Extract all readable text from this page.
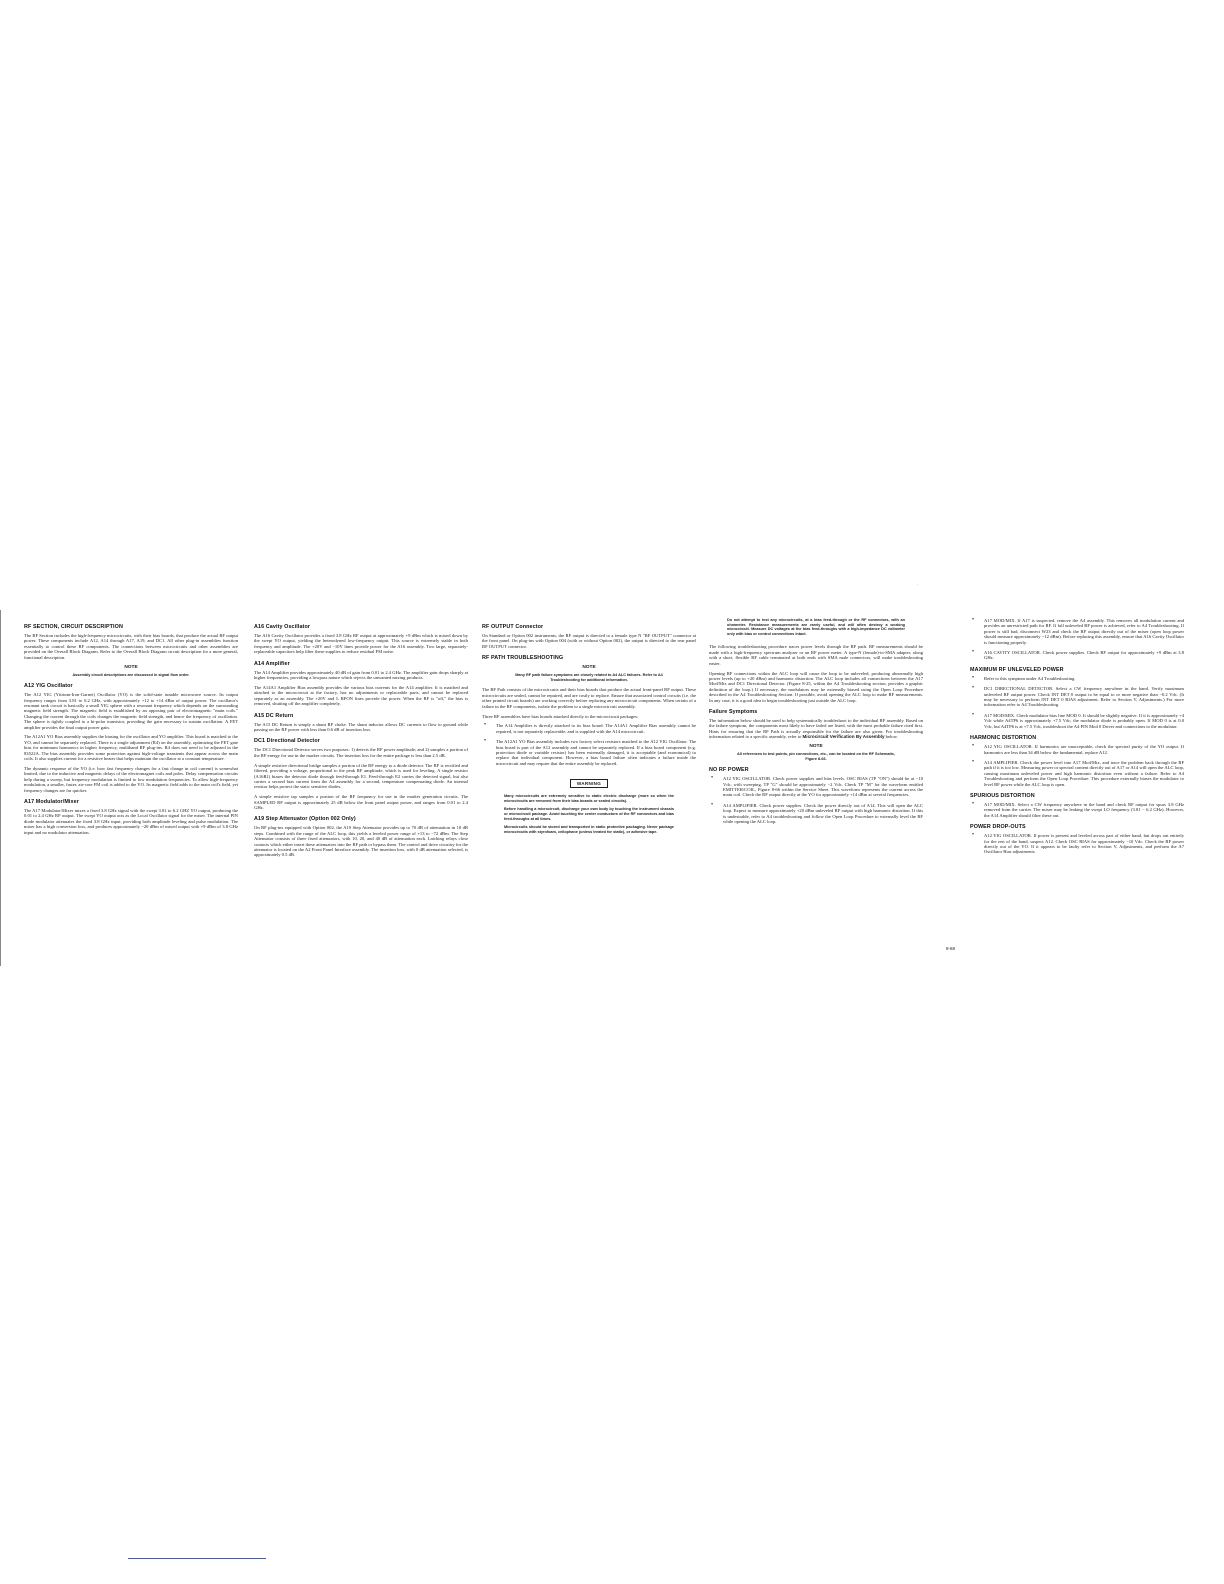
·
RF SECTION, CIRCUIT DESCRIPTION

The RF Section includes the high-frequency microcircuits, with their bias boards, that produce the actual RF output power. These components include A12, A14 through A17, A19, and DC1. All other plug-in assemblies function essentially to control these RF components. The connections between microcircuits and other assemblies are provided on the Overall Block Diagram. Refer to the Overall Block Diagram circuit description for a more general, functional description.

NOTE
Assembly circuit descriptions are discussed in signal flow order.
A12 YIG Oscillator

The A12 YIG (Yttrium-Iron-Garnet) Oscillator (YO) is the solid-state tunable microwave source. Its output frequency ranges from 3.81 to 6.2 GHz, with approximately +12 to +14 dBm of output power. The oscillator's resonant tank circuit is basically a small YIG sphere with a resonant frequency which depends on the surrounding magnetic field strength. The magnetic field is established by an opposing pair of electromagnetic "main coils." Changing the current through the coils changes the magnetic field strength, and hence the frequency of oscillation. The sphere is tightly coupled to a bi-polar transistor, providing the gain necessary to sustain oscillation. A FET amplifier provides the final output power gain.

The A12A1 YO Bias assembly supplies the biasing for the oscillator and YO amplifier. This board is matched to the YO, and cannot be separately replaced. There is a single adjustment (R4) on the assembly, optimizing the FET gate bias for minimum harmonics in higher frequency, multiband RF plug-ins. R4 does not need to be adjusted in the 83522A. The bias assembly provides some protection against high-voltage transients that appear across the main coils. It also supplies current for a resistive heater that helps maintain the oscillator at a constant temperature.

The dynamic response of the YO (i.e. how fast frequency changes for a fast change in coil current) is somewhat limited, due to the inductive and magnetic delays of the electromagnet coils and poles. Delay compensation circuits help during a sweep, but frequency modulation is limited to low modulation frequencies. To allow high-frequency modulation, a smaller, faster, air-core FM coil is added to the YO. Its magnetic field adds to the main coil's field, yet frequency changes are far quicker.

A17 Modulator/Mixer

The A17 Modulator/Mixer mixes a fixed 3.8 GHz signal with the swept 3.81 to 6.2 GHZ YO output, producing the 0.01 to 2.4 GHz RF output. The swept YO output acts as the Local Oscillator signal for the mixer. The internal PIN diode modulator attenuates the fixed 3.8 GHz input, providing both amplitude leveling and pulse modulation. The mixer has a high conversion loss, and produces approximately −20 dBm of mixed output with +9 dBm of 3.8 GHz input and no modulator attenuation.

A16 Cavity Oscillator

The A16 Cavity Oscillator provides a fixed 3.8 GHz RF output at approximately +9 dBm which is mixed down by the swept YO output, yielding the heterodyned low-frequency output. This source is extremely stable in both frequency and amplitude. The +20V and −10V lines provide power for the A16 assembly. Two large, separately-replaceable capacitors help filter these supplies to reduce residual FM noise.

A14 Amplifier

The A14 Amplifier provides approximately 40 dB of gain from 0.01 to 2.4 GHz. The amplifier gain drops sharply at higher frequencies, providing a lowpass nature which rejects the unwanted mixing products.

The A14A1 Amplifier Bias assembly provides the various bias currents for the A14 amplifier. It is matched and attached to the microcircuit at the factory, has no adjustments or replaceable parts, and cannot be replaced separately as an assembly. The +20V and L RFON lines provide the power. When the RF is "off," the bias is removed, shutting off the amplifier completely.

A15 DC Return

The A15 DC Return is simply a shunt RF choke. The shunt inductor allows DC currents to flow to ground while passing on the RF power with less than 0.6 dB of insertion loss.

DC1 Directional Detector

The DC1 Directional Detector serves two purposes: 1) detects the RF power amplitude; and 2) samples a portion of the RF energy for use in the marker circuits. The insertion loss for the entire package is less than 2.5 dB.

A simple resistive directional bridge samples a portion of the RF energy to a diode detector. The RF is rectified and filtered, providing a voltage, proportional to the peak RF amplitude, which is used for leveling. A single resistor (A16R1) biases the detector diode through feed-through E1. Feed-through E2 carries the detected signal, but also carries a second bias current from the A4 assembly for a second, temperature compensating diode. An internal resistor helps protect the static sensitive diodes.

A simple resistive tap samples a portion of the RF frequency for use in the marker generation circuits. The SAMPLED RF output is approximately 25 dB below the front panel output power, and ranges from 0.01 to 2.4 GHz.

A19 Step Attenuator (Option 002 Only)

On RF plug-ins equipped with Option 002, the A19 Step Attenuator provides up to 70 dB of attenuation in 10 dB steps. Combined with the range of the ALC loop, this yields a leveled power range of +13 to −72 dBm. The Step Attenuator consists of three fixed attenuators, with 10, 20, and 40 dB of attenuation each. Latching relays close contacts which either insert these attenuators into the RF path or bypass them. The control and drive circuitry for the attenuator is located on the A2 Front Panel Interface assembly. The insertion loss, with 0 dB attenuation selected, is approximately 0.5 dB.

RF OUTPUT Connector

On Standard or Option 002 instruments, the RF output is directed to a female type N "RF OUTPUT" connector at the front panel. On plug-ins with Option 004 (with or without Option 002), the output is directed to the rear panel RF OUTPUT connector.

RF PATH TROUBLESHOOTING
NOTE
Many RF path failure symptoms are closely related to A4 ALC failures. Refer to A4 Troubleshooting for additional information.

The RF Path consists of the microcircuits and their bias boards that produce the actual front-panel RF output. These microcircuits are sealed, cannot be repaired, and are costly to replace. Ensure that associated control circuits (i.e. the other printed circuit boards) are working correctly before replacing any microcircuit components. When certain of a failure in the RF components, isolate the problem to a single microcircuit assembly.

Three RF assemblies have bias boards attached directly to the microcircuit packages:

• The A14 Amplifier is directly attached to its bias board. The A14A1 Amplifier Bias assembly cannot be repaired, is not separately replaceable, and is supplied with the A14 microcircuit.
• The A12A1 YO Bias assembly includes two factory select resistors matched to the A12 YIG Oscillator. The bias board is part of the A12 assembly and cannot be separately replaced. If a bias board component (e.g. protection diode or variable resistor) has been externally damaged, it is acceptable (and economical) to replace that individual component. However, a bias board failure often indicates a failure inside the microcircuit and may require that the entire assembly be replaced.
WARNING
Many microcircuits are extremely sensitive to static electric discharge (more so when the microcircuits are removed from their bias boards or sealed circuits).
Before handling a microcircuit, discharge your own body by touching the instrument chassis or microcircuit package. Avoid touching the center conductors of the RF connectors and bias feed-throughs at all times.
Microcircuits should be stored and transported in static protective packaging. Never package microcircuits with styrofoam, cellophane (unless treated for static), or adhesive tape.
Do not attempt to test any microcircuits, at a bias feed-through or the RF connectors, with an ohmmeter. Resistance measurements are rarely useful, and will often destroy a working microcircuit. Measure DC voltages at the bias feed-throughs with a high-impedance DC voltmeter only with bias or control connections intact.

The following troubleshooting procedure traces power levels through the RF path. RF measurements should be made with a high-frequency spectrum analyzer or an RF power meter. A type-N (female)-to-SMA adapter, along with a short, flexible RF cable terminated at both ends with SMA male connectors, will make troubleshooting easier.

Opening RF connections within the ALC loop will cause the loop to be unleveled, producing abnormally high power levels (up to +20 dBm) and harmonic distortion. The ALC loop includes all connections between the A17 Mod/Mix and DC1 Directional Detector. (Figure 8-25, within the A4 Troubleshooting section, provides a graphic definition of the loop.) If necessary, the modulators may be externally biased using the Open Loop Procedure described in the A4 Troubleshooting Section. If possible, avoid opening the ALC loop to make RF measurements. In any case, it is a good idea to begin troubleshooting just outside the ALC loop.

Failure Symptoms

The information below should be used to help systematically troubleshoot to the individual RF assembly. Based on the failure symptom, the components most likely to have failed are listed, with the most probable failure cited first. Hints for ensuring that the RF Path is actually responsible for the failure are also given. For troubleshooting information related to a specific assembly, refer to Microcircuit Verification By Assembly below.

NOTE
All references to test points, pin connections, etc., can be located on the RF Schematic, Figure 8-66.
NO RF POWER
• A12 YIG OSCILLATOR. Check power supplies and bias levels. OSC BIAS (TP "ON") should be at −10 Vdc, with sweeping, TP "G" should be approximately −2 Vdc. Check TP "M" for the waveform entitled EMITTER/COIL, Figure 8-66 within the Service Sheet. This waveform represents the current across the main coil. Check the RF output directly at the YO for approximately +14 dBm at several frequencies.
• A14 AMPLIFIER. Check power supplies. Check the power directly out of A14. This will open the ALC loop. Expect to measure approximately +20 dBm unleveled RF output with high harmonic distortion. If this is undesirable, refer to A4 troubleshooting and follow the Open Loop Procedure to externally level the RF while opening the ALC loop.
• A17 MOD/MIX. If A17 is suspected, remove the A4 assembly. This removes all modulation current and provides an unrestricted path for RF. If full unleveled RF power is achieved, refer to A4 Troubleshooting. If power is still bad, disconnect W23 and check the RF output directly out of the mixer (open loop power should measure approximately −12 dBm). Before replacing this assembly, ensure that A16 Cavity Oscillator is functioning properly.
• A16 CAVITY OSCILLATOR. Check power supplies. Check RF output for approximately +9 dBm at 3.8 GHz.
MAXIMUM RF UNLEVELED POWER
• Refer to this symptom under A4 Troubleshooting.
• DC1 DIRECTIONAL DETECTOR. Select a CW frequency anywhere in the band. Verify maximum unleveled RF output power. Check INT DET 0 output to be equal to or more negative than −0.2 Vdc. (It may be necessary to perform INT DET 0 BIAS adjustment. Refer to Section V, Adjustments.) For more information refer to A4 Troubleshooting.
• A17 MOD/MIX. Check modulator bias line MOD 0. It should be slightly negative. If it is approximately +4 Vdc while A4TP6 is approximately +7.5 Vdc, the modulator diode is probably open. If MOD 0 is at 0.0 Vdc, but A4TP6 is at +7.5 Vdc, troubleshoot the A4 PIN Mod 0 Driver and connections to the modulator.
HARMONIC DISTORTION
• A12 YIG OSCILLATOR. If harmonics are unacceptable, check the spectral purity of the YO output. If harmonics are less than 34 dB below the fundamental, replace A12.
• A14 AMPLIFIER. Check the power level into A17 Mod/Mix, and trace the problem back through the RF path if it is too low. Measuring power or spectral content directly out of A17 or A14 will open the ALC loop, causing maximum unleveled power and high harmonic distortion even without a failure. Refer to A4 Troubleshooting and perform the Open Loop Procedure. This procedure externally biases the modulator to level RF power while the ALC loop is open.
SPURIOUS DISTORTION
• A17 MOD/MIX. Select a CW frequency anywhere in the band and check RF output for spurs 3.8 GHz removed from the carrier. The mixer may be leaking the swept LO frequency (3.81 − 6.2 GHz). However, the A14 Amplifier should filter these out.
POWER DROP-OUTS
• A12 YIG OSCILLATOR. If power is present and leveled across part of either band, but drops out entirely for the rest of the band, suspect A12. Check OSC BIAS for approximately −10 Vdc. Check the RF power directly out of the YO. If it appears to be faulty refer to Section V, Adjustments, and perform the A7 Oscillator Bias adjustments.
8-68
